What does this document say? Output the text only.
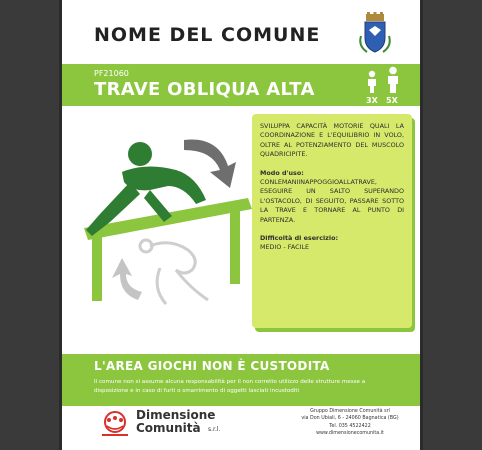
NOME DEL COMUNE
PF21060
TRAVE OBLIQUA ALTA
3X 5X

SVILUPPA CAPACITÀ MOTORIE QUALI LA COORDINAZIONE E L'EQUILIBRIO IN VOLO, OLTRE AL POTENZIAMENTO DEL MUSCOLO QUADRICIPITE.

Modo d'uso:
CONLEMANIINAPPOGGIOALLATRAVE, ESEGUIRE UN SALTO SUPERANDO L'OSTACOLO, DI SEGUITO, PASSARE SOTTO LA TRAVE E TORNARE AL PUNTO DI PARTENZA.

Difficoltà di esercizio:
MEDIO - FACILE

L'AREA GIOCHI NON È CUSTODITA
Il comune non si assume alcuna responsabilità per il non corretto utilizzo delle strutture messe a disposizione e in caso di furti o smarrimento di oggetti lasciati incustoditi
Dimensione
Comunità s.r.l.
Gruppo Dimensione Comunità srl
via Don Ubiali, 6 - 24060 Bagnatica (BG)
Tel. 035 4522422
www.dimensionecomunita.it
